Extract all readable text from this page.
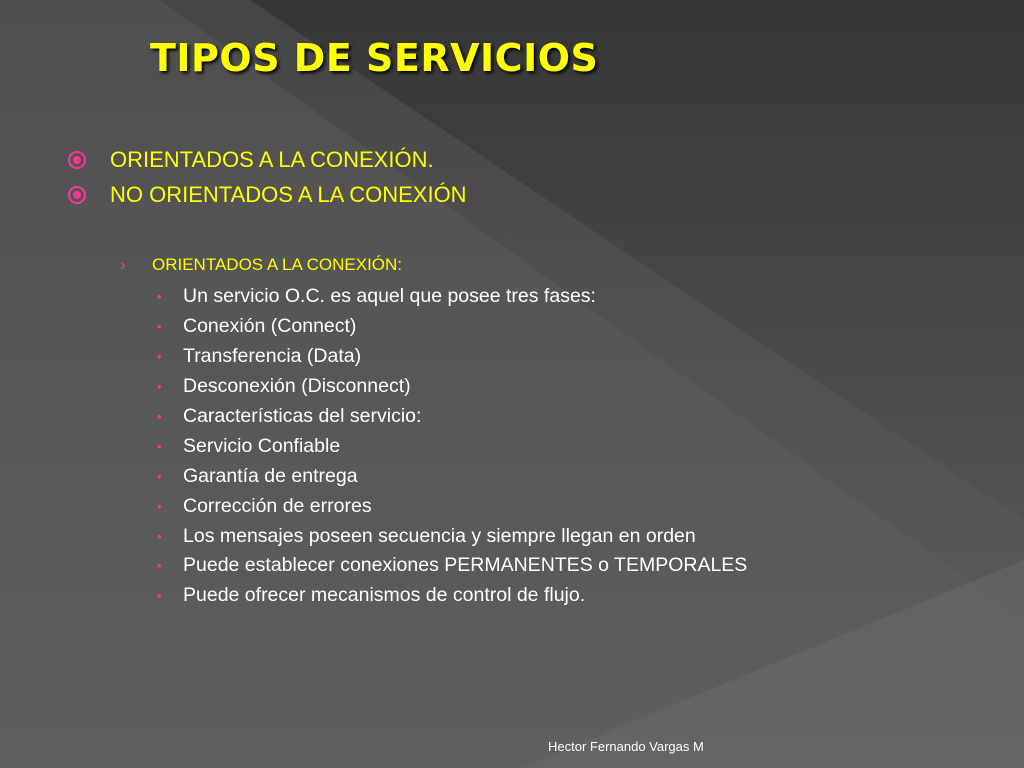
TIPOS DE SERVICIOS
ORIENTADOS A LA CONEXIÓN.
NO ORIENTADOS A LA CONEXIÓN
›	ORIENTADOS A LA CONEXIÓN:
•	Un servicio O.C. es aquel que posee tres fases:
•	Conexión (Connect)
•	Transferencia (Data)
•	Desconexión (Disconnect)
•	Características del servicio:
•	Servicio Confiable
•	Garantía de entrega
•	Corrección de errores
•	Los mensajes poseen secuencia y siempre llegan en orden
•	Puede establecer conexiones PERMANENTES o TEMPORALES
•	Puede ofrecer mecanismos de control de flujo.
Hector Fernando Vargas M
